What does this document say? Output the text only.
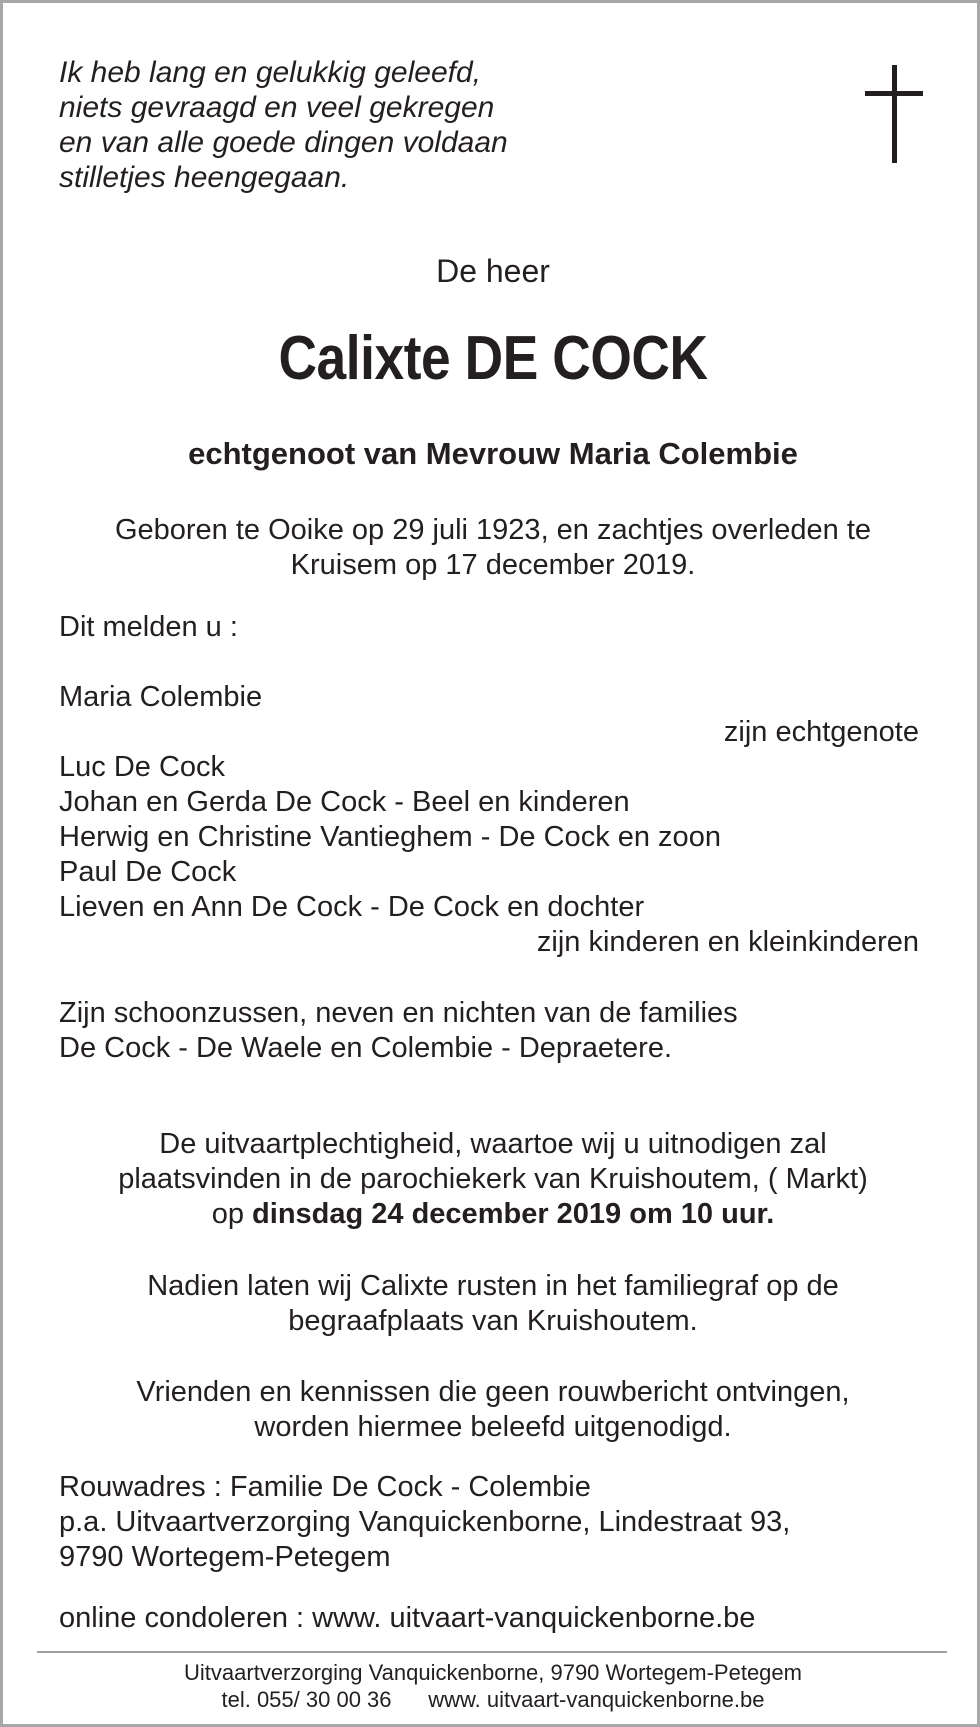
Ik heb lang en gelukkig geleefd,
niets gevraagd en veel gekregen
en van alle goede dingen voldaan
stilletjes heengegaan.
De heer
Calixte DE COCK
echtgenoot van Mevrouw Maria Colembie
Geboren te Ooike op 29 juli 1923, en zachtjes overleden te
Kruisem op 17 december 2019.
Dit melden u :
Maria Colembie
zijn echtgenote
Luc De Cock
Johan en Gerda De Cock - Beel en kinderen
Herwig en Christine Vantieghem - De Cock en zoon
Paul De Cock
Lieven en Ann De Cock - De Cock en dochter
zijn kinderen en kleinkinderen
Zijn schoonzussen, neven en nichten van de families
De Cock - De Waele en Colembie - Depraetere.
De uitvaartplechtigheid, waartoe wij u uitnodigen zal
plaatsvinden in de parochiekerk van Kruishoutem, ( Markt)
op dinsdag 24 december 2019 om 10 uur.
Nadien laten wij Calixte rusten in het familiegraf op de
begraafplaats van Kruishoutem.
Vrienden en kennissen die geen rouwbericht ontvingen,
worden hiermee beleefd uitgenodigd.
Rouwadres : Familie De Cock - Colembie
p.a. Uitvaartverzorging Vanquickenborne, Lindestraat 93,
9790 Wortegem-Petegem
online condoleren : www. uitvaart-vanquickenborne.be
Uitvaartverzorging Vanquickenborne, 9790 Wortegem-Petegem
tel. 055/ 30 00 36 www. uitvaart-vanquickenborne.be
